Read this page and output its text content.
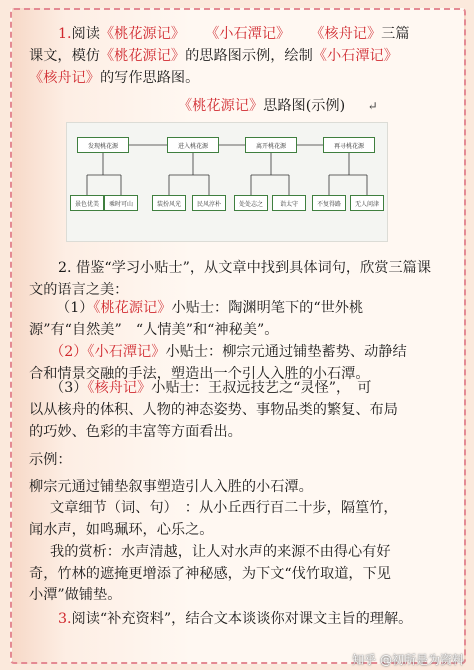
1.阅读《桃花源记》 《小石潭记》 《核舟记》三篇
课文，模仿《桃花源记》的思路图示例，绘制《小石潭记》
《核舟记》的写作思路图。
《桃花源记》思路图(示例) ↵
发现桃花源	进入桃花源	离开桃花源	再寻桃花源
景色优美	乘时可山	装扮风光	民风淳朴	处处志之	诣太守	不复得路	无人问津
2. 借鉴“学习小贴士”，从文章中找到具体词句，欣赏三篇课
文的语言之美：
（1）《桃花源记》小贴士：陶渊明笔下的“世外桃
源”有“自然美”　“人情美”和“神秘美”。
（2）《小石潭记》小贴士：柳宗元通过铺垫蓄势、动静结
合和情景交融的手法，塑造出一个引人入胜的小石潭。
（3）《核舟记》小贴士：王叔远技艺之“灵怪”，　可
以从核舟的体积、人物的神态姿势、事物品类的繁复、布局
的巧妙、色彩的丰富等方面看出。
示例：
柳宗元通过铺垫叙事塑造引人入胜的小石潭。
文章细节（词、句）　：从小丘西行百二十步，隔篁竹，
闻水声，如鸣珮环，心乐之。
我的赏析：水声清越，让人对水声的来源不由得心有好
奇，竹林的遮掩更增添了神秘感，为下文“伐竹取道，下见
小潭”做铺垫。
3.阅读“补充资料”，结合文本谈谈你对课文主旨的理解。
知乎 @初所是为资料
